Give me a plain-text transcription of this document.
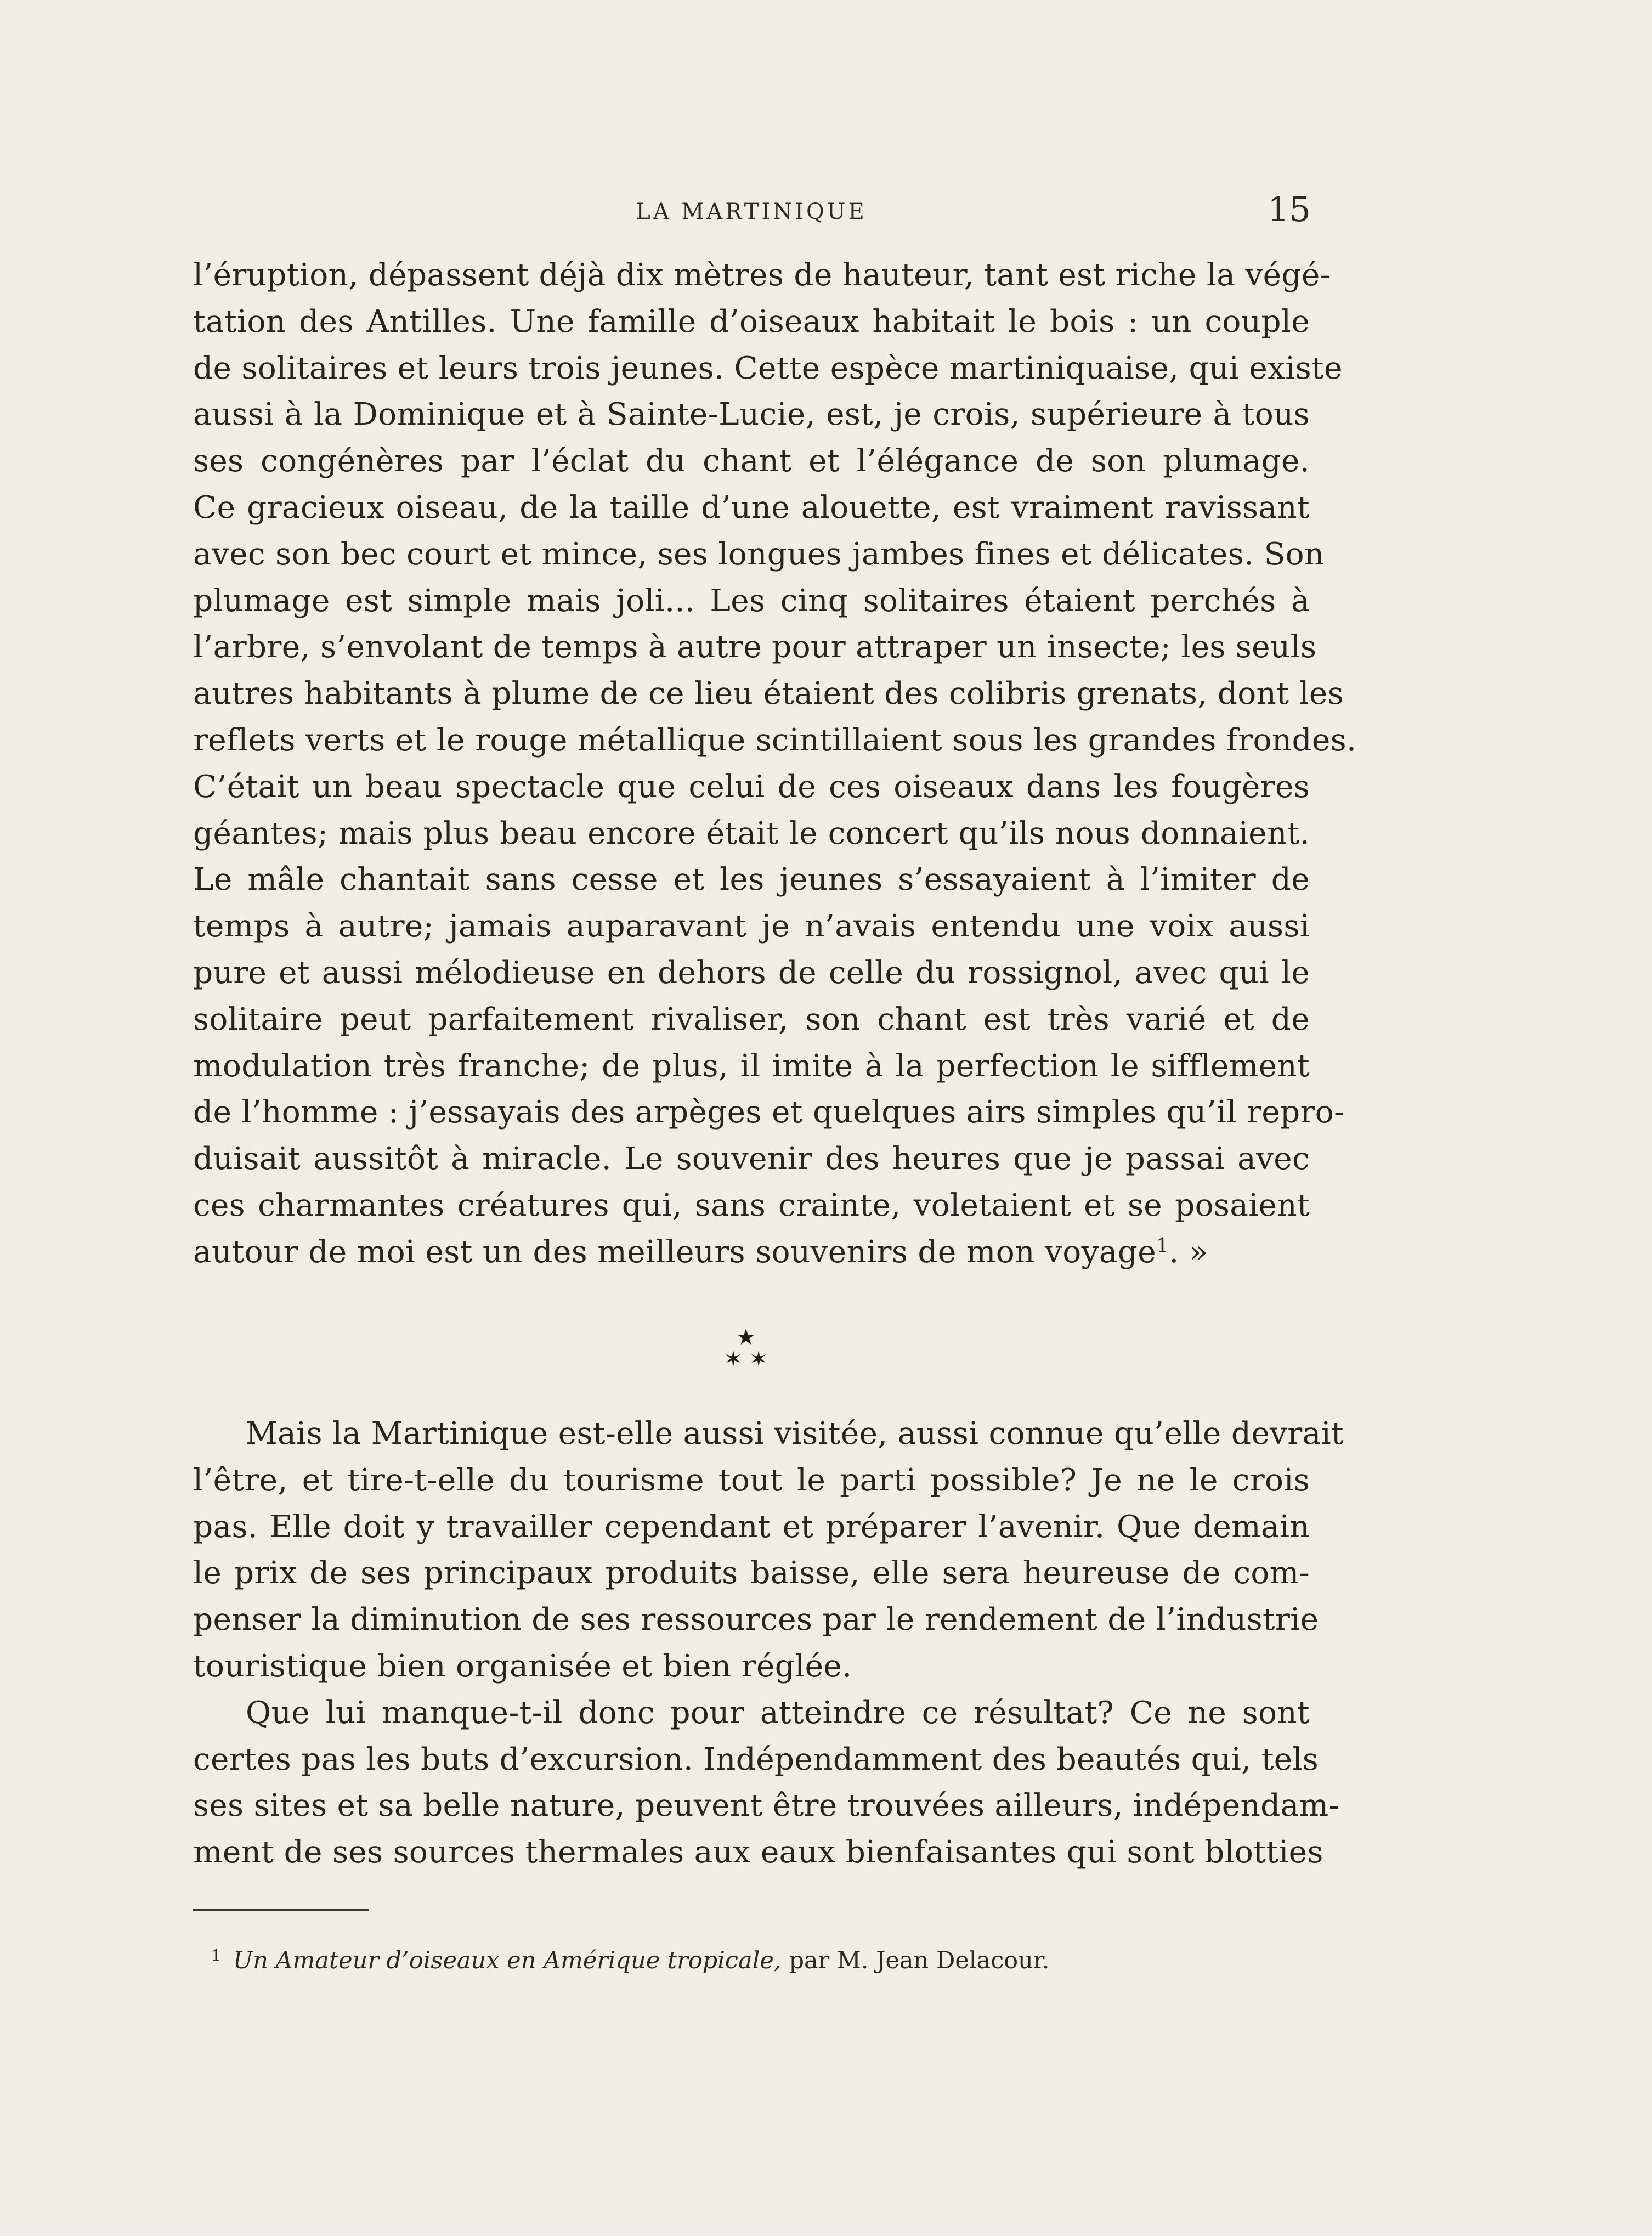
LA MARTINIQUE	15
l’éruption, dépassent déjà dix mètres de hauteur, tant est riche la végé-
tation des Antilles. Une famille d’oiseaux habitait le bois : un couple
de solitaires et leurs trois jeunes. Cette espèce martiniquaise, qui existe
aussi à la Dominique et à Sainte-Lucie, est, je crois, supérieure à tous
ses congénères par l’éclat du chant et l’élégance de son plumage.
Ce gracieux oiseau, de la taille d’une alouette, est vraiment ravissant
avec son bec court et mince, ses longues jambes fines et délicates. Son
plumage est simple mais joli... Les cinq solitaires étaient perchés à
l’arbre, s’envolant de temps à autre pour attraper un insecte; les seuls
autres habitants à plume de ce lieu étaient des colibris grenats, dont les
reflets verts et le rouge métallique scintillaient sous les grandes frondes.
C’était un beau spectacle que celui de ces oiseaux dans les fougères
géantes; mais plus beau encore était le concert qu’ils nous donnaient.
Le mâle chantait sans cesse et les jeunes s’essayaient à l’imiter de
temps à autre; jamais auparavant je n’avais entendu une voix aussi
pure et aussi mélodieuse en dehors de celle du rossignol, avec qui le
solitaire peut parfaitement rivaliser, son chant est très varié et de
modulation très franche; de plus, il imite à la perfection le sifflement
de l’homme : j’essayais des arpèges et quelques airs simples qu’il repro-
duisait aussitôt à miracle. Le souvenir des heures que je passai avec
ces charmantes créatures qui, sans crainte, voletaient et se posaient
autour de moi est un des meilleurs souvenirs de mon voyage$^1$. »
★
✶ ✶
Mais la Martinique est-elle aussi visitée, aussi connue qu’elle devrait
l’être, et tire-t-elle du tourisme tout le parti possible? Je ne le crois
pas. Elle doit y travailler cependant et préparer l’avenir. Que demain
le prix de ses principaux produits baisse, elle sera heureuse de com-
penser la diminution de ses ressources par le rendement de l’industrie
touristique bien organisée et bien réglée.
Que lui manque-t-il donc pour atteindre ce résultat? Ce ne sont
certes pas les buts d’excursion. Indépendamment des beautés qui, tels
ses sites et sa belle nature, peuvent être trouvées ailleurs, indépendam-
ment de ses sources thermales aux eaux bienfaisantes qui sont blotties
$^1$ Un Amateur d’oiseaux en Amérique tropicale, par M. Jean Delacour.
